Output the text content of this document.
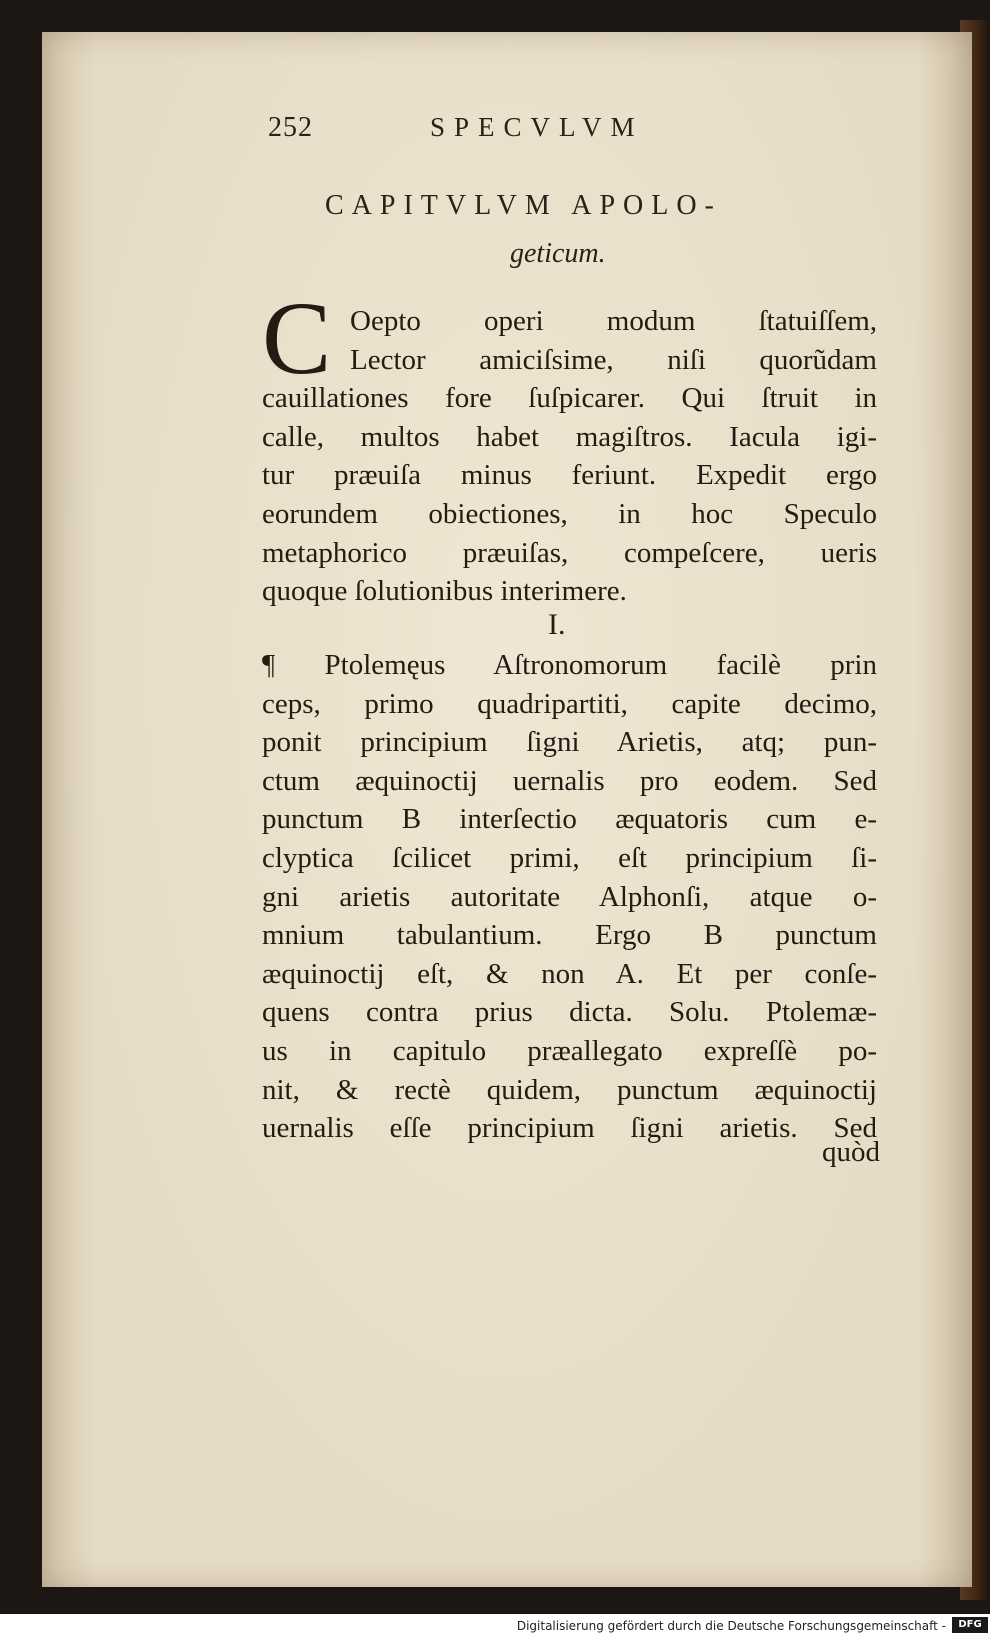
252	SPECVLVM
CAPITVLVM APOLO-
geticum.
C Oepto operi modum ſtatuiſſem,
Lector amiciſsime, niſi quorũdam
cauillationes fore ſuſpicarer. Qui ſtruit in
calle, multos habet magiſtros. Iacula igi-
tur præuiſa minus feriunt. Expedit ergo
eorundem obiectiones, in hoc Speculo
metaphorico præuiſas, compeſcere, ueris
quoque ſolutionibus interimere.
I.
¶ Ptolemęus Aſtronomorum facilè prin
ceps, primo quadripartiti, capite decimo,
ponit principium ſigni Arietis, atq; pun-
ctum æquinoctij uernalis pro eodem. Sed
punctum B interſectio æquatoris cum e-
clyptica ſcilicet primi, eſt principium ſi-
gni arietis autoritate Alphonſi, atque o-
mnium tabulantium. Ergo B punctum
æquinoctij eſt, & non A. Et per conſe-
quens contra prius dicta. Solu. Ptolemæ-
us in capitulo præallegato expreſſè po-
nit, & rectè quidem, punctum æquinoctij
uernalis eſſe principium ſigni arietis. Sed
quòd
Digitalisierung gefördert durch die Deutsche Forschungsgemeinschaft -	DFG
